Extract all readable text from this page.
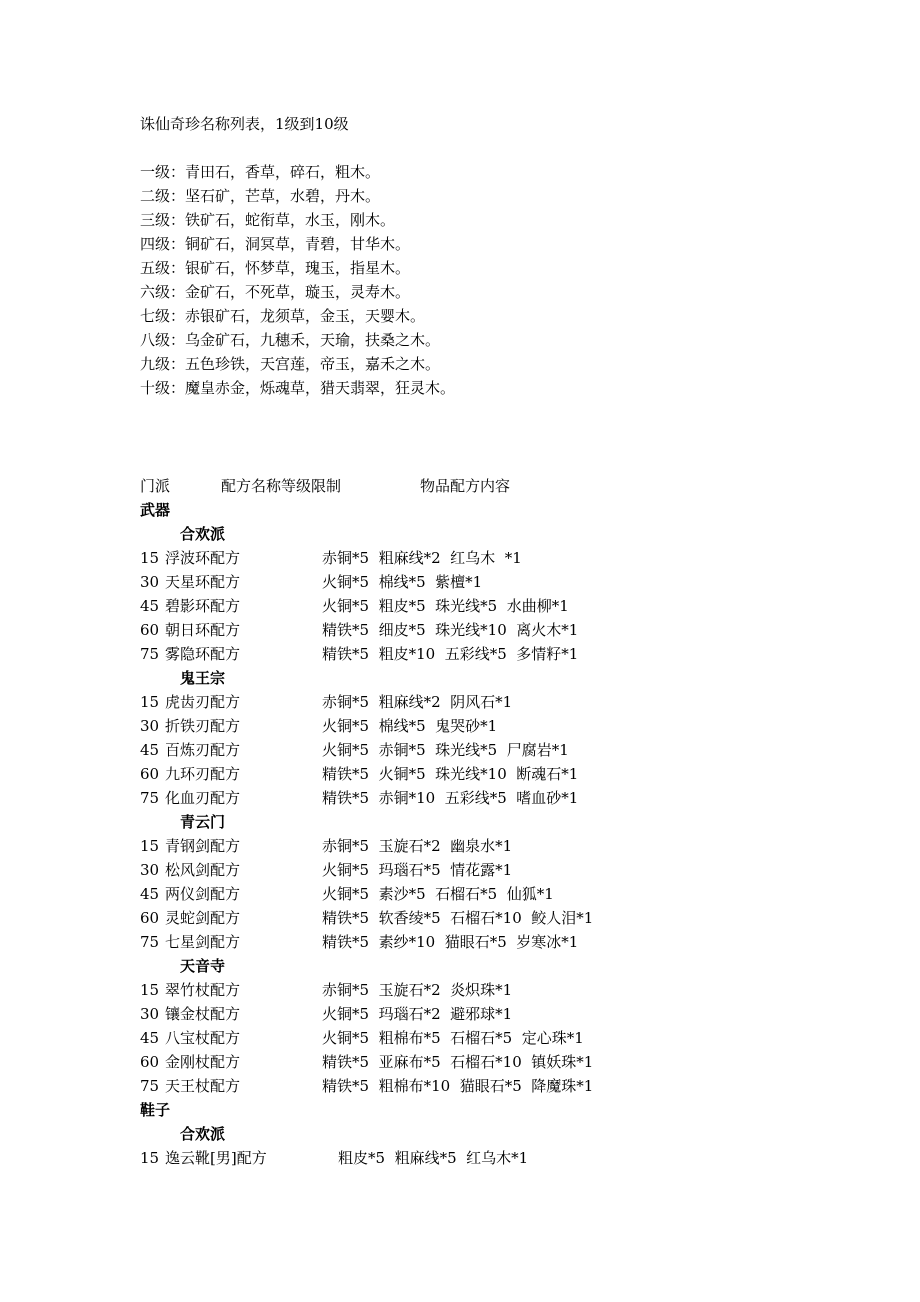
诛仙奇珍名称列表，1级到10级
一级：青田石，香草，碎石，粗木。
二级：坚石矿，芒草，水碧，丹木。
三级：铁矿石，蛇衔草，水玉，刚木。
四级：铜矿石，洞冥草，青碧，甘华木。
五级：银矿石，怀梦草，瑰玉，指星木。
六级：金矿石，不死草，璇玉，灵寿木。
七级：赤银矿石，龙须草，金玉，天婴木。
八级：乌金矿石，九穗禾，天瑜，扶桑之木。
九级：五色珍铁，天宫莲，帝玉，嘉禾之木。
十级：魔皇赤金，烁魂草，猎天翡翠，狂灵木。
门派	配方名称等级限制	物品配方内容
武器
合欢派
15 浮波环配方	赤铜*5  粗麻线*2  红乌木  *1
30 天星环配方	火铜*5  棉线*5  紫檀*1
45 碧影环配方	火铜*5  粗皮*5  珠光线*5  水曲柳*1
60 朝日环配方	精铁*5  细皮*5  珠光线*10  离火木*1
75 雾隐环配方	精铁*5  粗皮*10  五彩线*5  多情籽*1
鬼王宗
15 虎齿刃配方	赤铜*5  粗麻线*2  阴风石*1
30 折铁刃配方	火铜*5  棉线*5  鬼哭砂*1
45 百炼刃配方	火铜*5  赤铜*5  珠光线*5  尸腐岩*1
60 九环刃配方	精铁*5  火铜*5  珠光线*10  断魂石*1
75 化血刃配方	精铁*5  赤铜*10  五彩线*5  嗜血砂*1
青云门
15 青钢剑配方	赤铜*5  玉旋石*2  幽泉水*1
30 松风剑配方	火铜*5  玛瑙石*5  情花露*1
45 两仪剑配方	火铜*5  素沙*5  石榴石*5  仙狐*1
60 灵蛇剑配方	精铁*5  软香绫*5  石榴石*10  鲛人泪*1
75 七星剑配方	精铁*5  素纱*10  猫眼石*5  岁寒冰*1
天音寺
15 翠竹杖配方	赤铜*5  玉旋石*2  炎炽珠*1
30 镶金杖配方	火铜*5  玛瑙石*2  避邪球*1
45 八宝杖配方	火铜*5  粗棉布*5  石榴石*5  定心珠*1
60 金刚杖配方	精铁*5  亚麻布*5  石榴石*10  镇妖珠*1
75 天王杖配方	精铁*5  粗棉布*10  猫眼石*5  降魔珠*1
鞋子
合欢派
15 逸云靴[男]配方	粗皮*5  粗麻线*5  红乌木*1
